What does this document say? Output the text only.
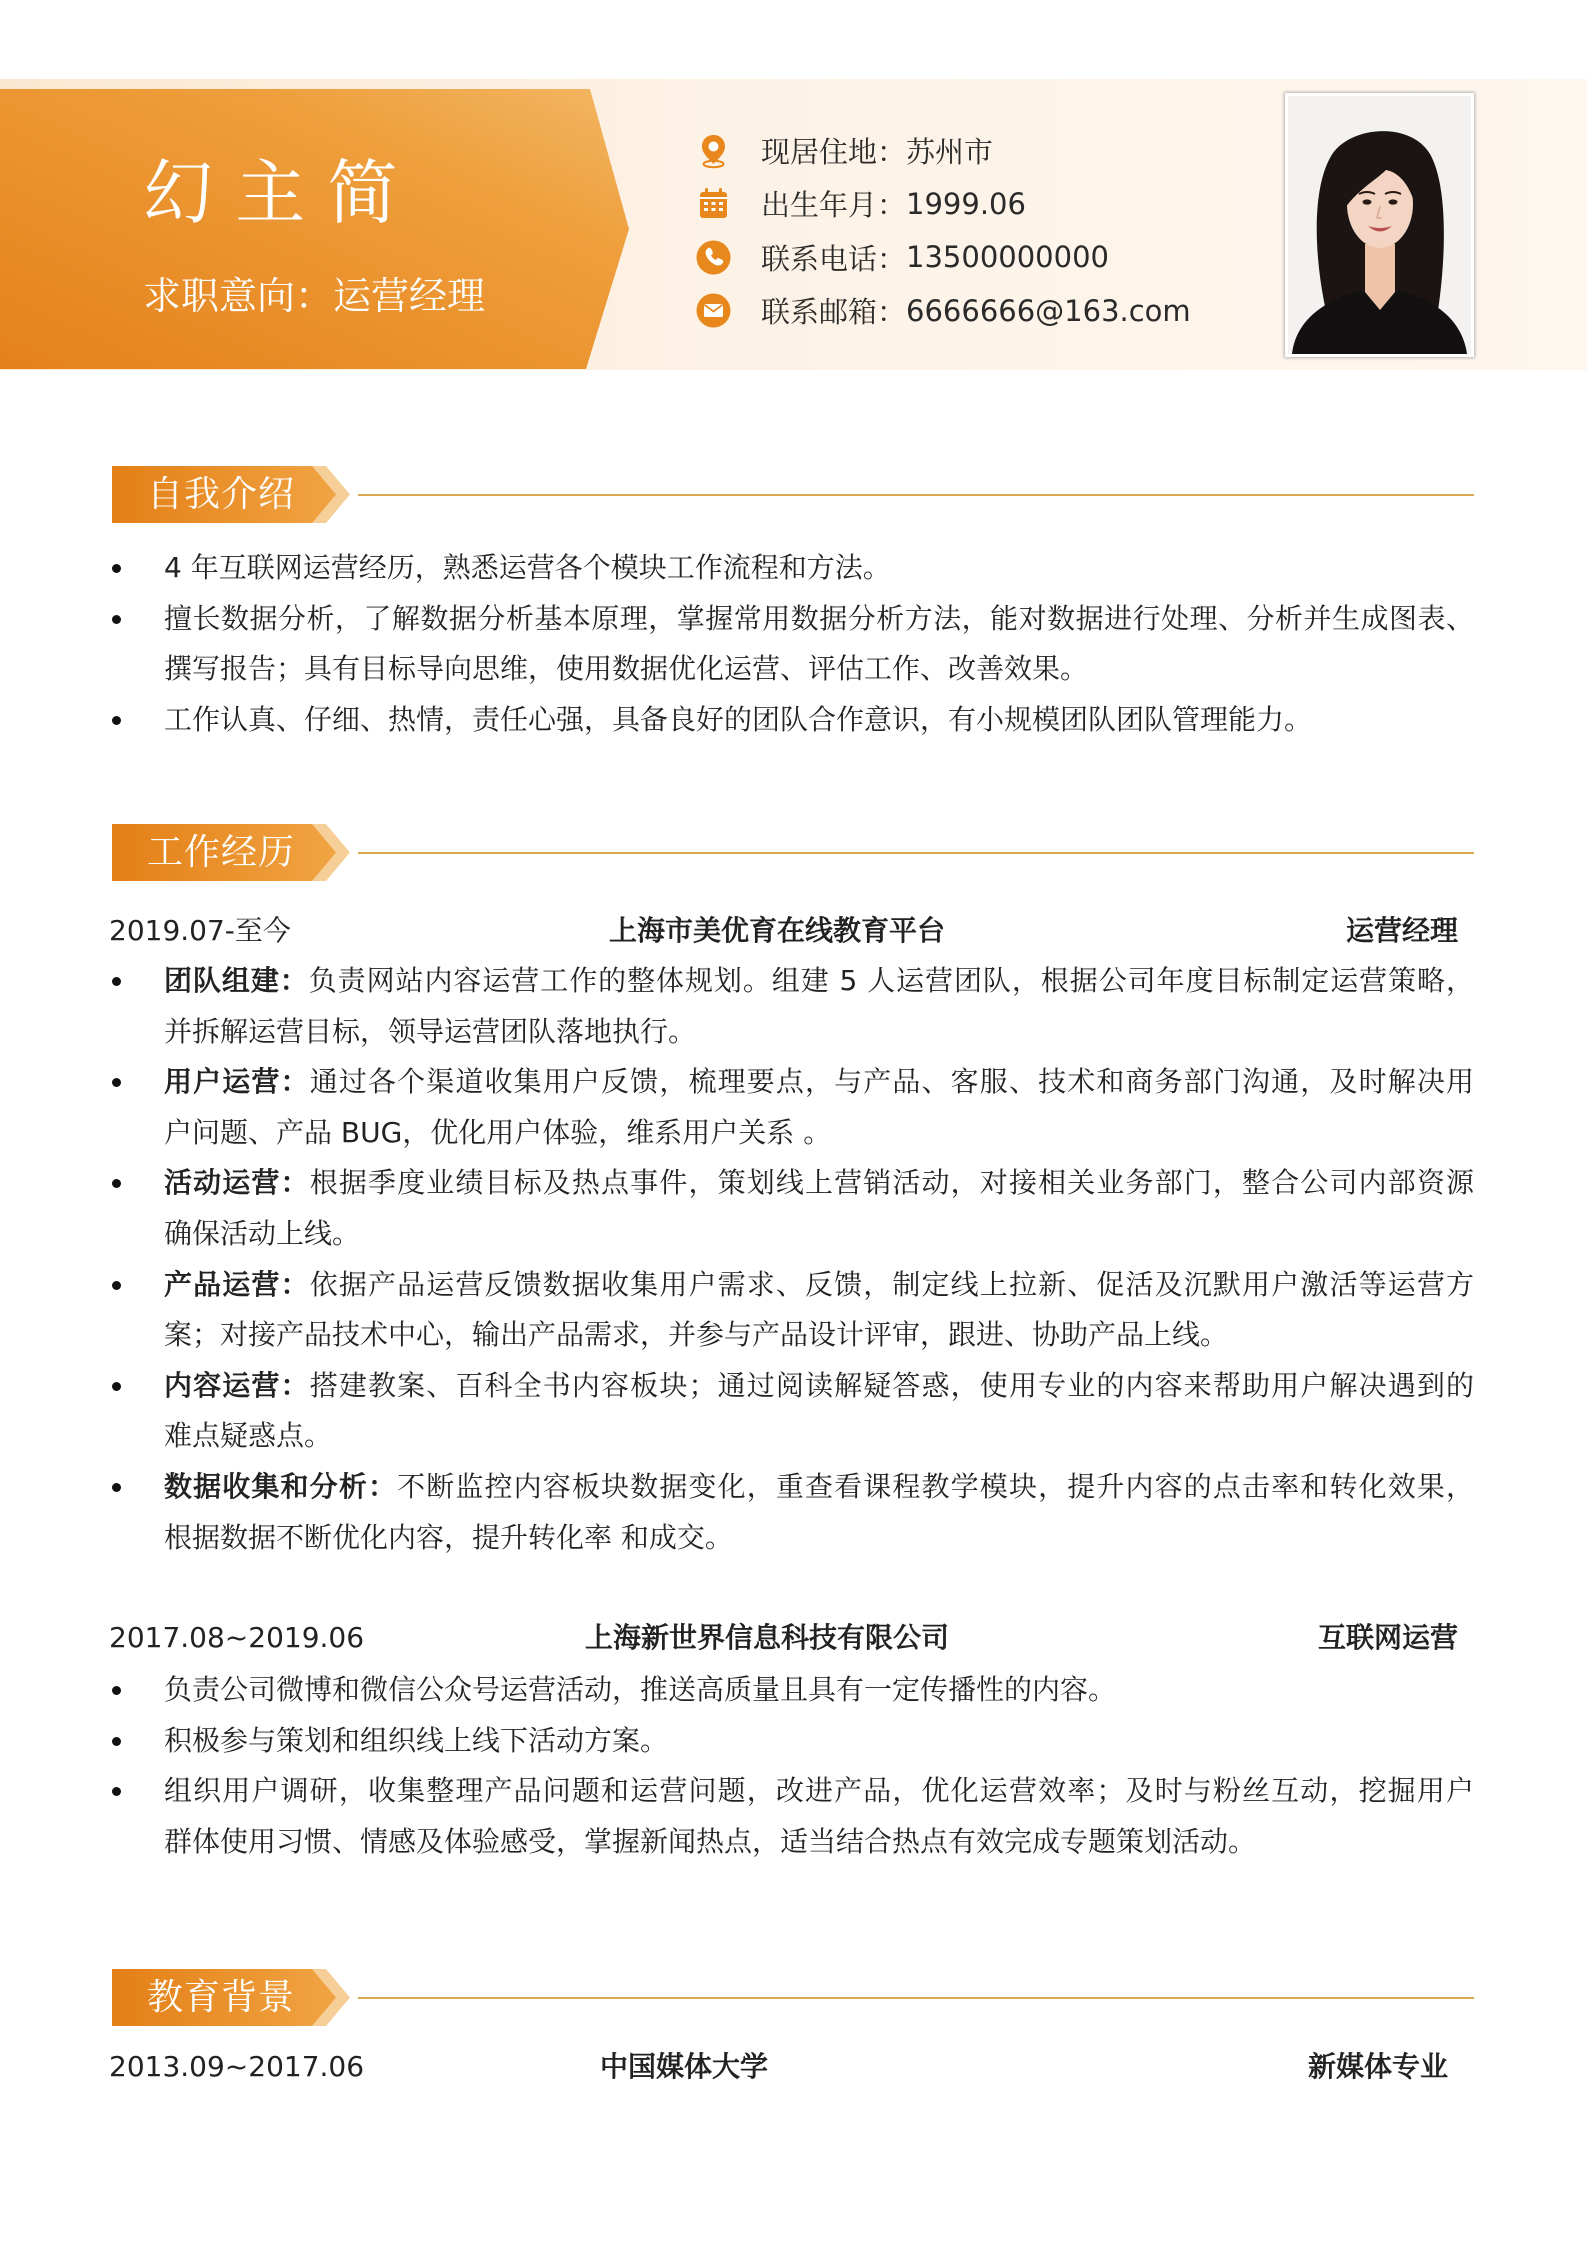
幻 主 简
求职意向：运营经理
现居住地： 苏州市
出生年月： 1999.06
联系电话： 13500000000
联系邮箱： 6666666@163.com
自我介绍
4 年互联网运营经历，熟悉运营各个模块工作流程和方法。
擅长数据分析，了解数据分析基本原理，掌握常用数据分析方法，能对数据进行处理、分析并生成图表、
撰写报告；具有目标导向思维，使用数据优化运营、评估工作、改善效果。
工作认真、仔细、热情，责任心强，具备良好的团队合作意识，有小规模团队团队管理能力。
工作经历
2019.07-至今	上海市美优育在线教育平台	运营经理
团队组建：负责网站内容运营工作的整体规划。组建 5 人运营团队，根据公司年度目标制定运营策略，
并拆解运营目标，领导运营团队落地执行。
用户运营：通过各个渠道收集用户反馈，梳理要点，与产品、客服、技术和商务部门沟通，及时解决用
户问题、产品 BUG，优化用户体验，维系用户关系 。
活动运营：根据季度业绩目标及热点事件，策划线上营销活动，对接相关业务部门，整合公司内部资源
确保活动上线。
产品运营：依据产品运营反馈数据收集用户需求、反馈，制定线上拉新、促活及沉默用户激活等运营方
案；对接产品技术中心，输出产品需求，并参与产品设计评审，跟进、协助产品上线。
内容运营：搭建教案、百科全书内容板块；通过阅读解疑答惑，使用专业的内容来帮助用户解决遇到的
难点疑惑点。
数据收集和分析：不断监控内容板块数据变化，重查看课程教学模块，提升内容的点击率和转化效果，
根据数据不断优化内容，提升转化率 和成交。
2017.08~2019.06	上海新世界信息科技有限公司	互联网运营
负责公司微博和微信公众号运营活动，推送高质量且具有一定传播性的内容。
积极参与策划和组织线上线下活动方案。
组织用户调研，收集整理产品问题和运营问题，改进产品，优化运营效率；及时与粉丝互动，挖掘用户
群体使用习惯、情感及体验感受，掌握新闻热点，适当结合热点有效完成专题策划活动。
教育背景
2013.09~2017.06	中国媒体大学	新媒体专业
